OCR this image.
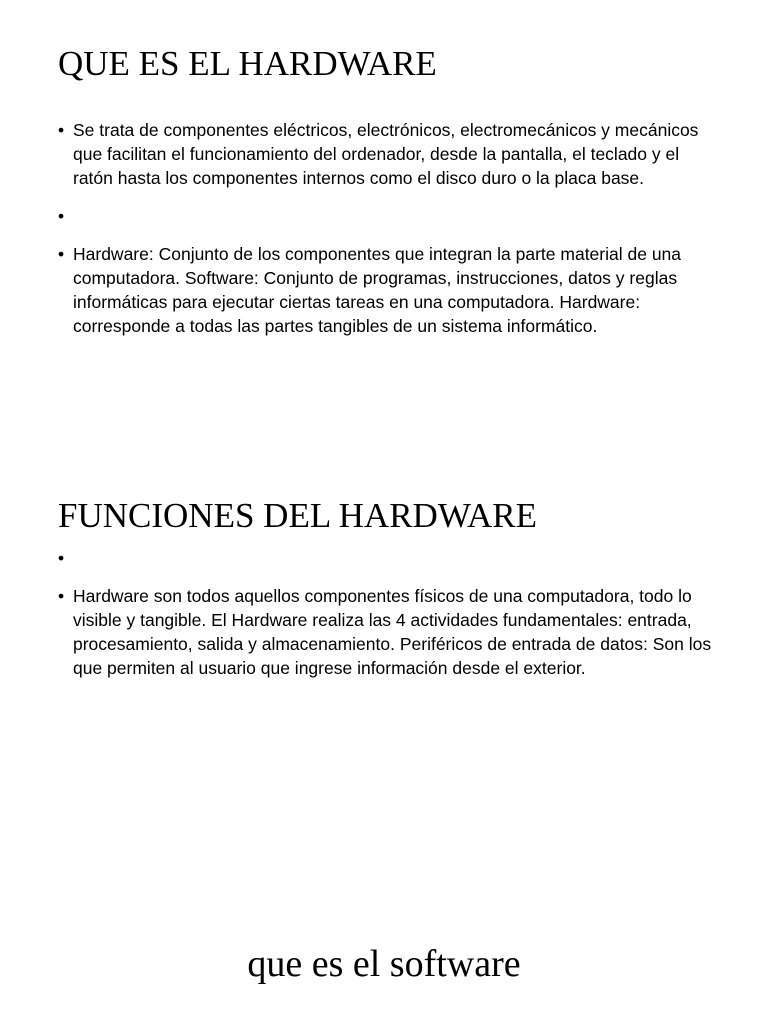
QUE ES EL HARDWARE
• Se trata de componentes eléctricos, electrónicos, electromecánicos y mecánicos que facilitan el funcionamiento del ordenador, desde la pantalla, el teclado y el ratón hasta los componentes internos como el disco duro o la placa base.
•
• Hardware: Conjunto de los componentes que integran la parte material de una computadora. Software: Conjunto de programas, instrucciones, datos y reglas informáticas para ejecutar ciertas tareas en una computadora. Hardware: corresponde a todas las partes tangibles de un sistema informático.
FUNCIONES DEL HARDWARE
•
• Hardware son todos aquellos componentes físicos de una computadora, todo lo visible y tangible. El Hardware realiza las 4 actividades fundamentales: entrada, procesamiento, salida y almacenamiento. Periféricos de entrada de datos: Son los que permiten al usuario que ingrese información desde el exterior.
que es el software
